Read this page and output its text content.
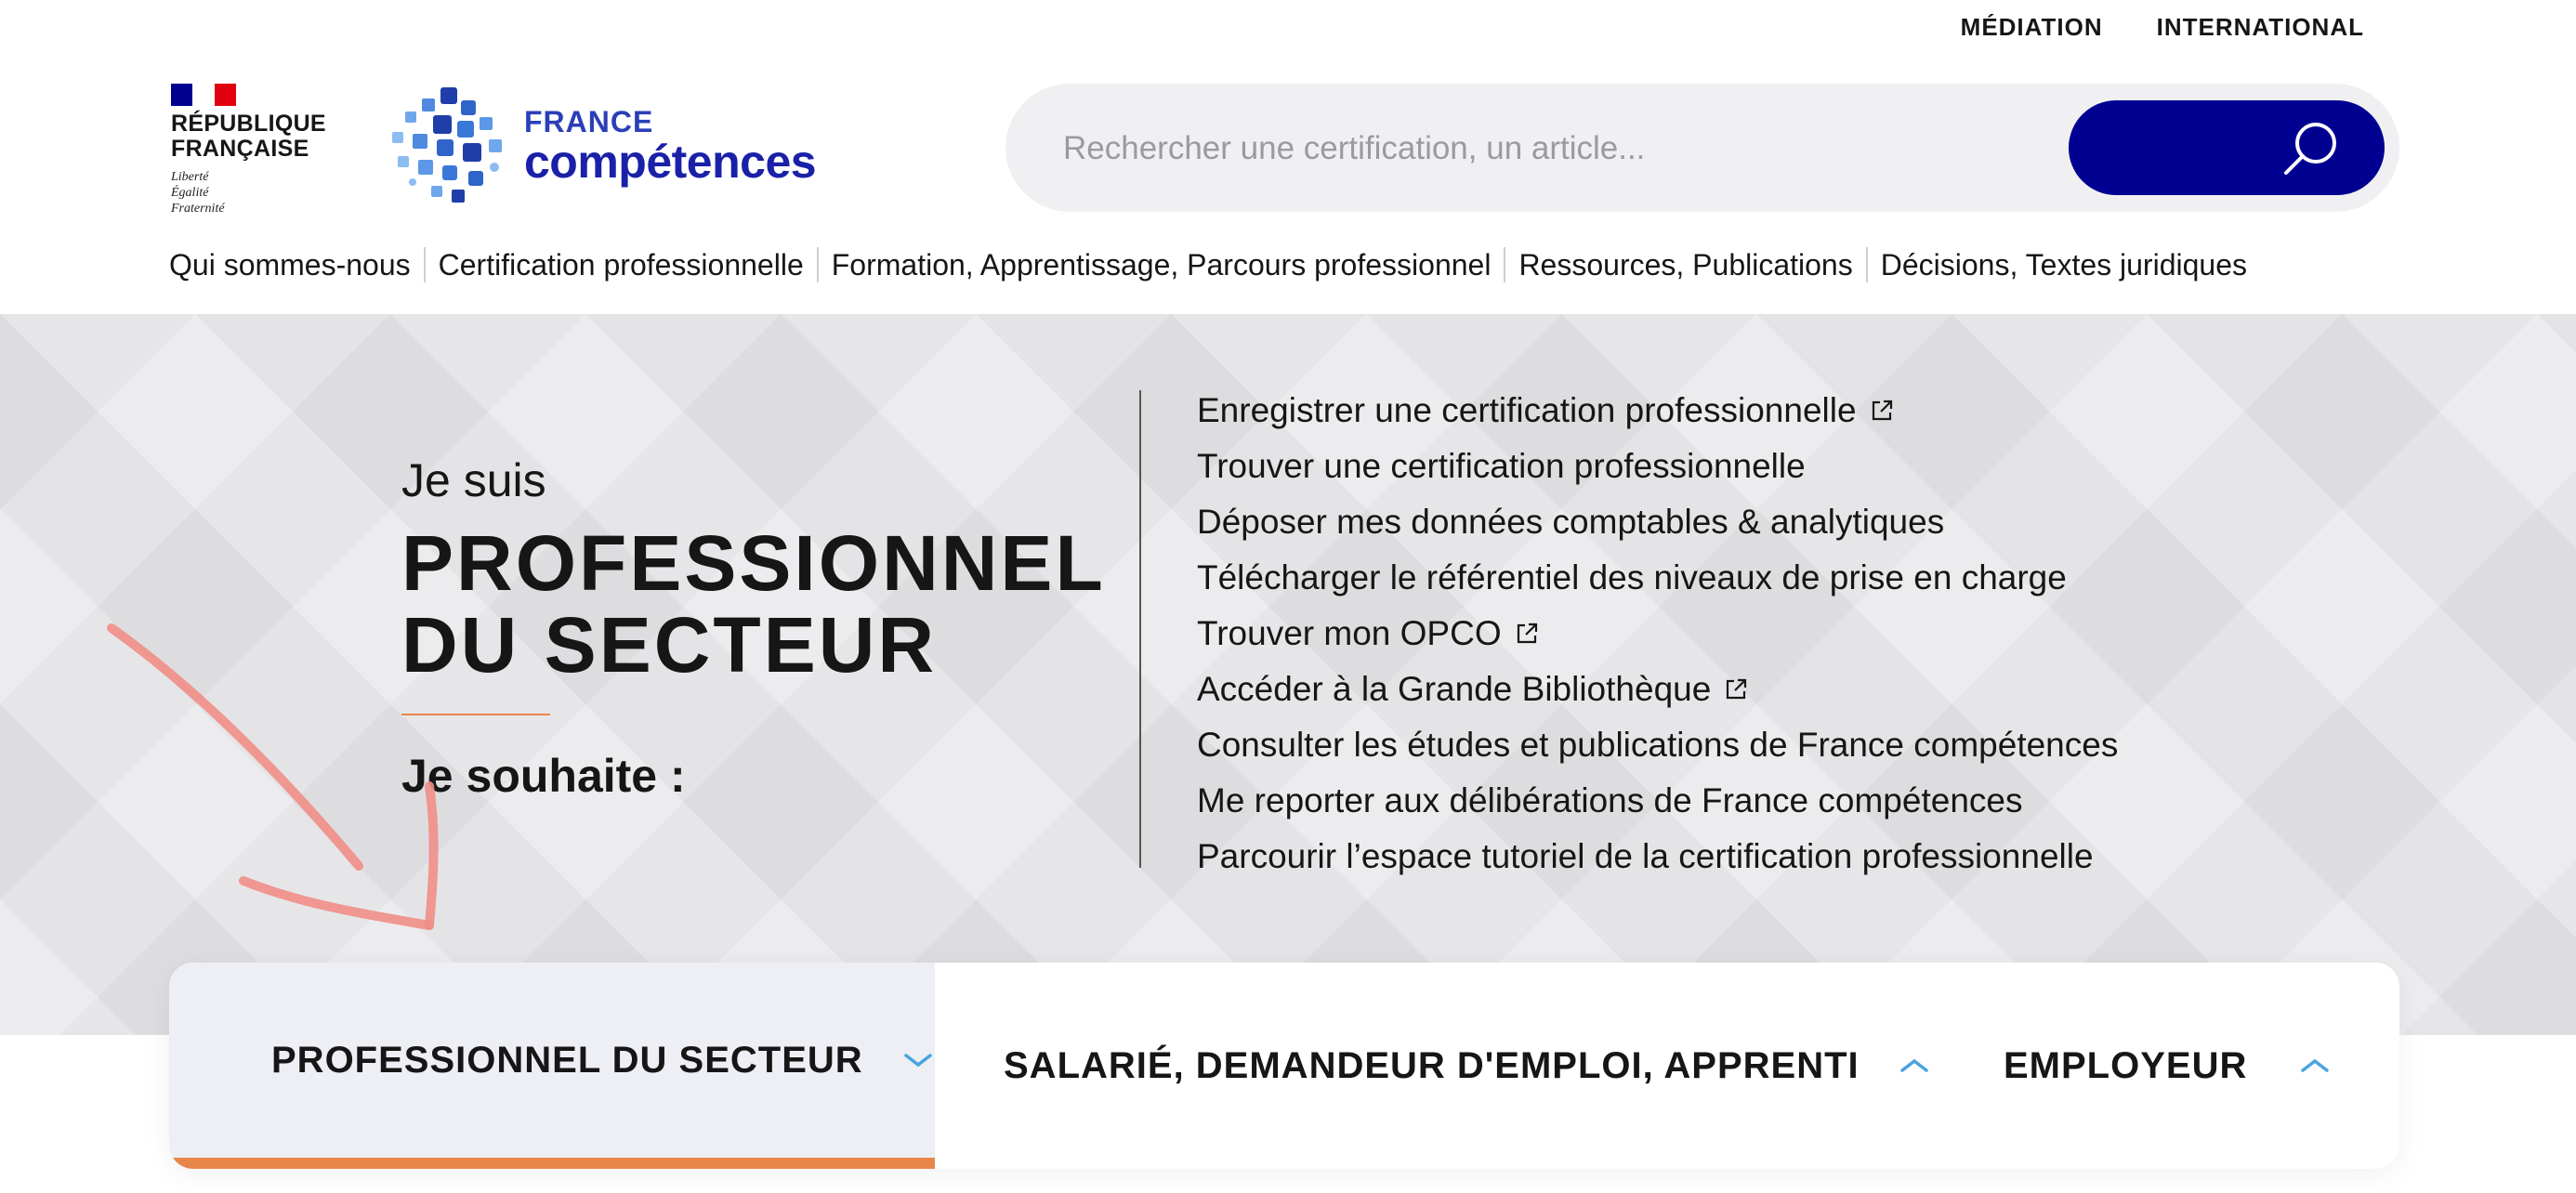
MÉDIATION INTERNATIONAL
RÉPUBLIQUE
FRANÇAISE
Liberté
Égalité
Fraternité
FRANCE
compétences
Rechercher une certification, un article...
Qui sommes-nous Certification professionnelle Formation, Apprentissage, Parcours professionnel Ressources, Publications Décisions, Textes juridiques
Je suis
PROFESSIONNEL
DU SECTEUR
Je souhaite :
Enregistrer une certification professionnelle
Trouver une certification professionnelle
Déposer mes données comptables & analytiques
Télécharger le référentiel des niveaux de prise en charge
Trouver mon OPCO
Accéder à la Grande Bibliothèque
Consulter les études et publications de France compétences
Me reporter aux délibérations de France compétences
Parcourir l’espace tutoriel de la certification professionnelle
PROFESSIONNEL DU SECTEUR	SALARIÉ, DEMANDEUR D'EMPLOI, APPRENTI	EMPLOYEUR
